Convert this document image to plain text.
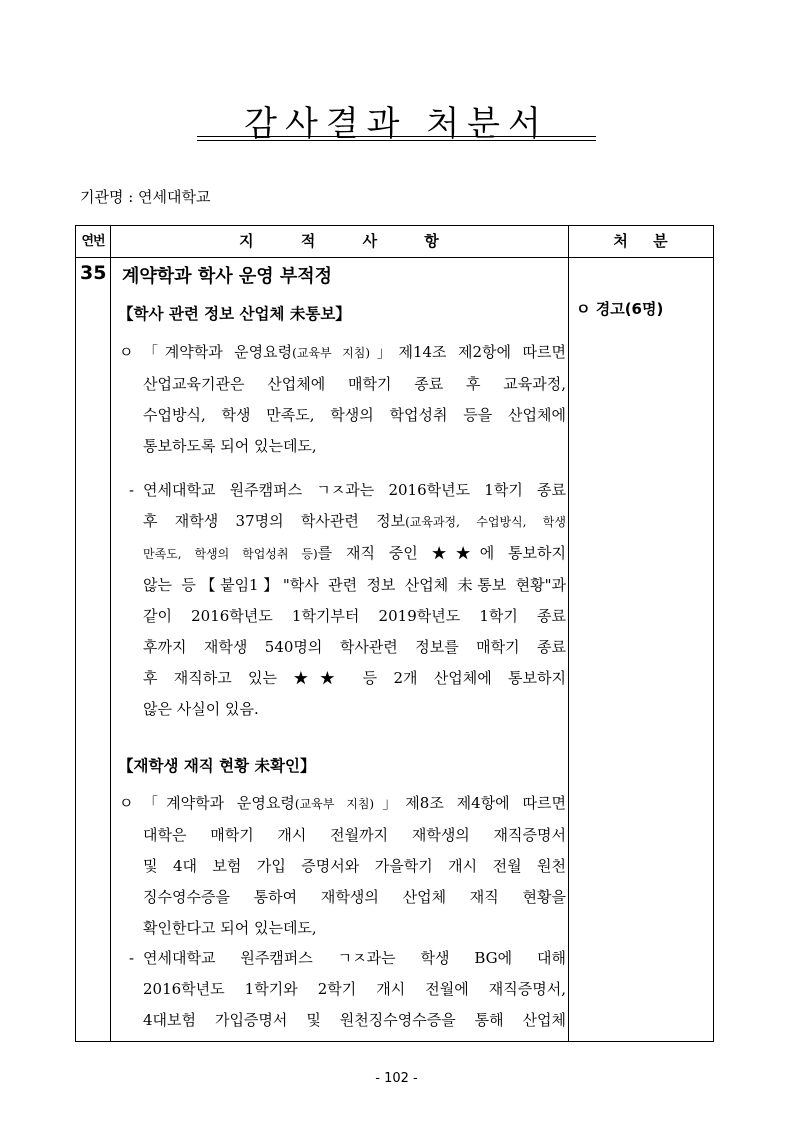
감사결과 처분서
기관명 : 연세대학교
연번	지 적 사 항	처 분
35 계약학과 학사 운영 부적정
ㅇ 경고(6명)
【학사 관련 정보 산업체 未통보】
ㅇ 「계약학과 운영요령(교육부 지침)」제14조 제2항에 따르면
산업교육기관은 산업체에 매학기 종료 후 교육과정,
수업방식, 학생 만족도, 학생의 학업성취 등을 산업체에
통보하도록 되어 있는데도,
- 연세대학교 원주캠퍼스 ㄱㅈ과는 2016학년도 1학기 종료
후 재학생 37명의 학사관련 정보(교육과정, 수업방식, 학생
만족도, 학생의 학업성취 등)를 재직 중인 ★★에 통보하지
않는 등【붙임1】"학사 관련 정보 산업체 未통보 현황"과
같이 2016학년도 1학기부터 2019학년도 1학기 종료
후까지 재학생 540명의 학사관련 정보를 매학기 종료
후 재직하고 있는 ★★ 등 2개 산업체에 통보하지
않은 사실이 있음.
【재학생 재직 현황 未확인】
ㅇ 「계약학과 운영요령(교육부 지침)」제8조 제4항에 따르면
대학은 매학기 개시 전월까지 재학생의 재직증명서
및 4대 보험 가입 증명서와 가을학기 개시 전월 원천
징수영수증을 통하여 재학생의 산업체 재직 현황을
확인한다고 되어 있는데도,
- 연세대학교 원주캠퍼스 ㄱㅈ과는 학생 BG에 대해
2016학년도 1학기와 2학기 개시 전월에 재직증명서,
4대보험 가입증명서 및 원천징수영수증을 통해 산업체
- 102 -
